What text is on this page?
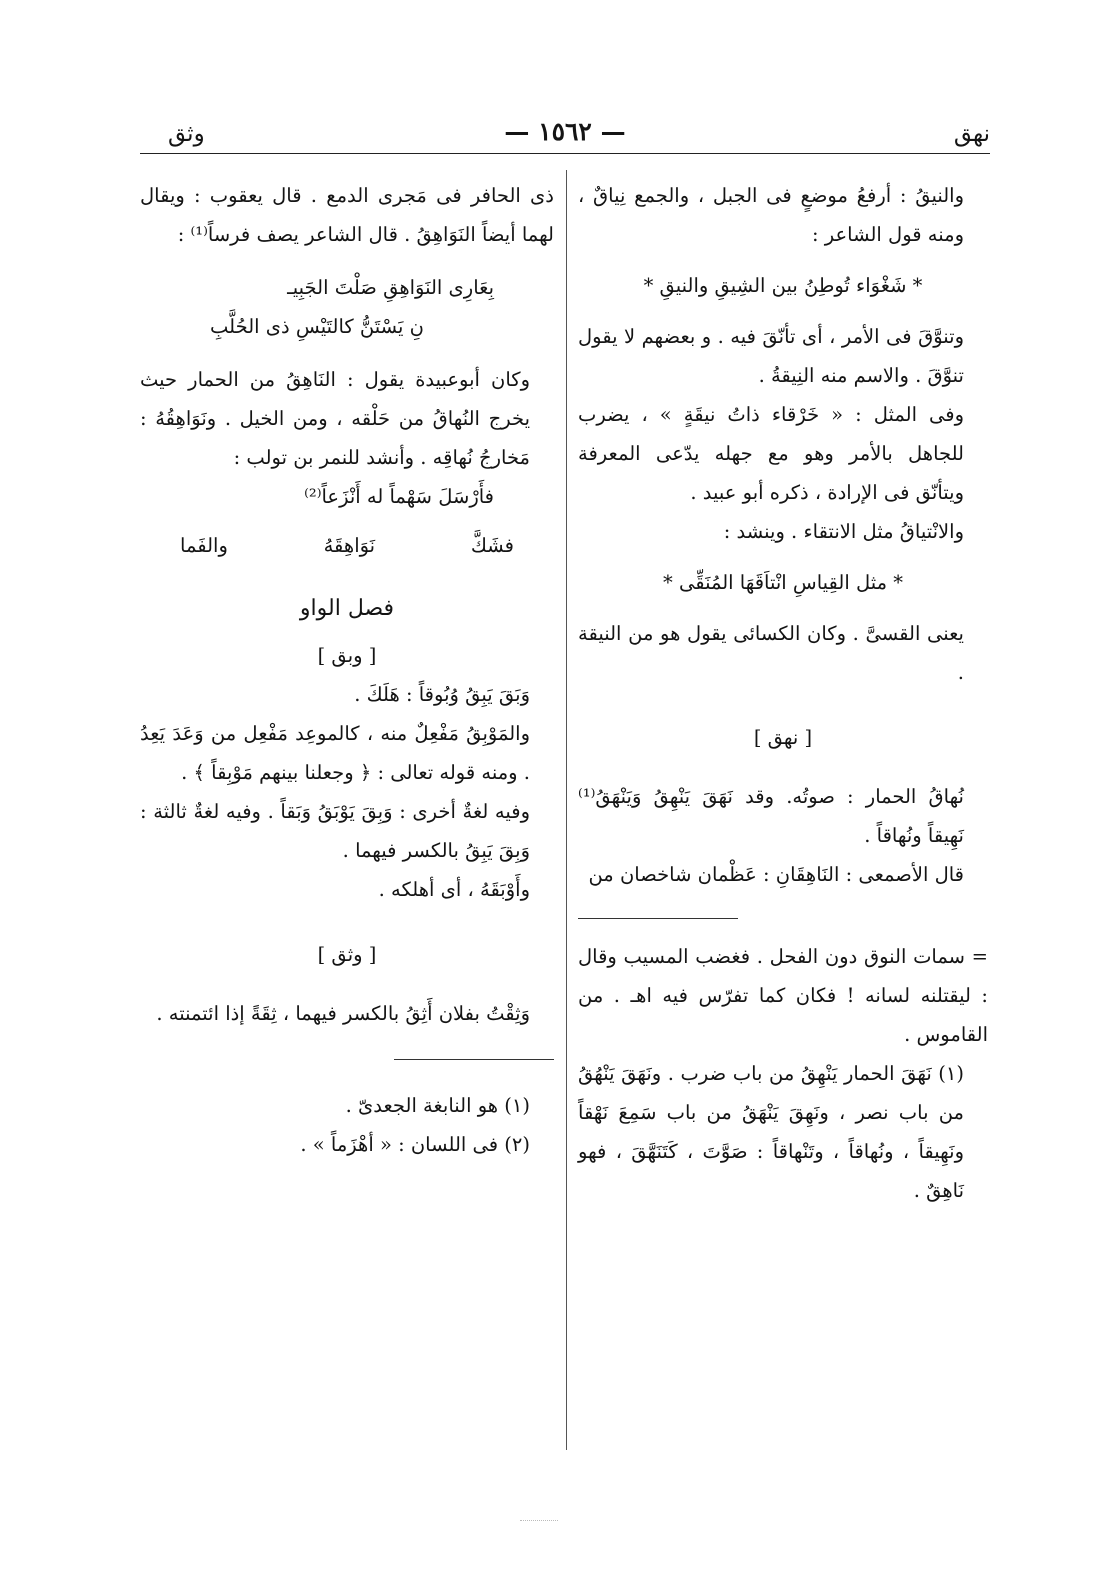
نهق
— ١٥٦٢ —
وثق

والنيقُ : أرفعُ موضعٍ فى الجبل ، والجمع نِياقٌ ، ومنه قول الشاعر :

* شَغْوَاء تُوطِنُ بين الشِيقِ والنيقِ *

وتنوَّقَ فى الأمر ، أى تأنّقَ فيه . و بعضهم لا يقول تنوَّقَ . والاسم منه النِيقةُ .

وفى المثل : « خَرْقاء ذاتُ نيقَةٍ » ، يضرب للجاهل بالأمر وهو مع جهله يدّعى المعرفة ويتأنّق فى الإرادة ، ذكره أبو عبيد .

والانْتياقُ مثل الانتقاء . وينشد :

* مثل القِياسِ انْتاَقَهَا المُنَقِّى *

يعنى القسىَّ . وكان الكسائى يقول هو من النيقة .

[ نهق ]

نُهاقُ الحمار : صوتُه. وقد نَهَقَ يَنْهِقُ وَيَنْهَقُ⁽¹⁾ نَهِيقاً ونُهاقاً .

قال الأصمعى : النَاهِقَانِ : عَظْمان شاخصان من

= سمات النوق دون الفحل . فغضب المسيب وقال : ليقتلنه لسانه ! فكان كما تفرّس فيه اهـ . من القاموس .

(١) نَهَقَ الحمار يَنْهِقُ من باب ضرب . ونَهَقَ يَنْهُقُ من باب نصر ، ونَهِقَ يَنْهَقُ من باب سَمِعَ نَهْقاً ونَهِيقاً ، ونُهاقاً ، وتَنْهاقاً : صَوَّتَ ، كَتَنَهَّقَ ، فهو نَاهِقٌ .

ذى الحافر فى مَجرى الدمع . قال يعقوب : ويقال لهما أيضاً النَوَاهِقُ . قال الشاعر يصف فرساً⁽¹⁾ :

بِعَارِى النَوَاهِقِ صَلْتَ الجَبِيـ

نِ يَسْتَنُّ كالتَيْسِ ذى الحُلَّبِ

وكان أبوعبيدة يقول : النَاهِقُ من الحمار حيث يخرج النُهاقُ من حَلْقه ، ومن الخيل . ونَوَاهِقُهُ : مَخارجُ نُهاقِه . وأنشد للنمر بن تولب :

فأَرْسَلَ سَهْماً له أَنْزَعاً⁽²⁾

فشَكَّ
نَوَاهِقَهُ
والفَما

فصل الواو

[ وبق ]

وَبَقَ يَبِقُ وُبُوقاً : هَلَكَ .

والمَوْبِقُ مَفْعِلٌ منه ، كالموعِد مَفْعِل من وَعَدَ يَعِدُ . ومنه قوله تعالى : ﴿ وجعلنا بينهم مَوْبِقاً ﴾ .

وفيه لغةٌ أخرى : وَبِقَ يَوْبَقُ وَبَقاً . وفيه لغةٌ ثالثة : وَبِقَ يَبِقُ بالكسر فيهما .

وأَوْبَقَهُ ، أى أهلكه .

[ وثق ]

وَثِقْتُ بفلان أَثِقُ بالكسر فيهما ، ثِقَةً إذا ائتمنته .

(١) هو النابغة الجعدىّ .

(٢) فى اللسان : « أهْزَماً » .
